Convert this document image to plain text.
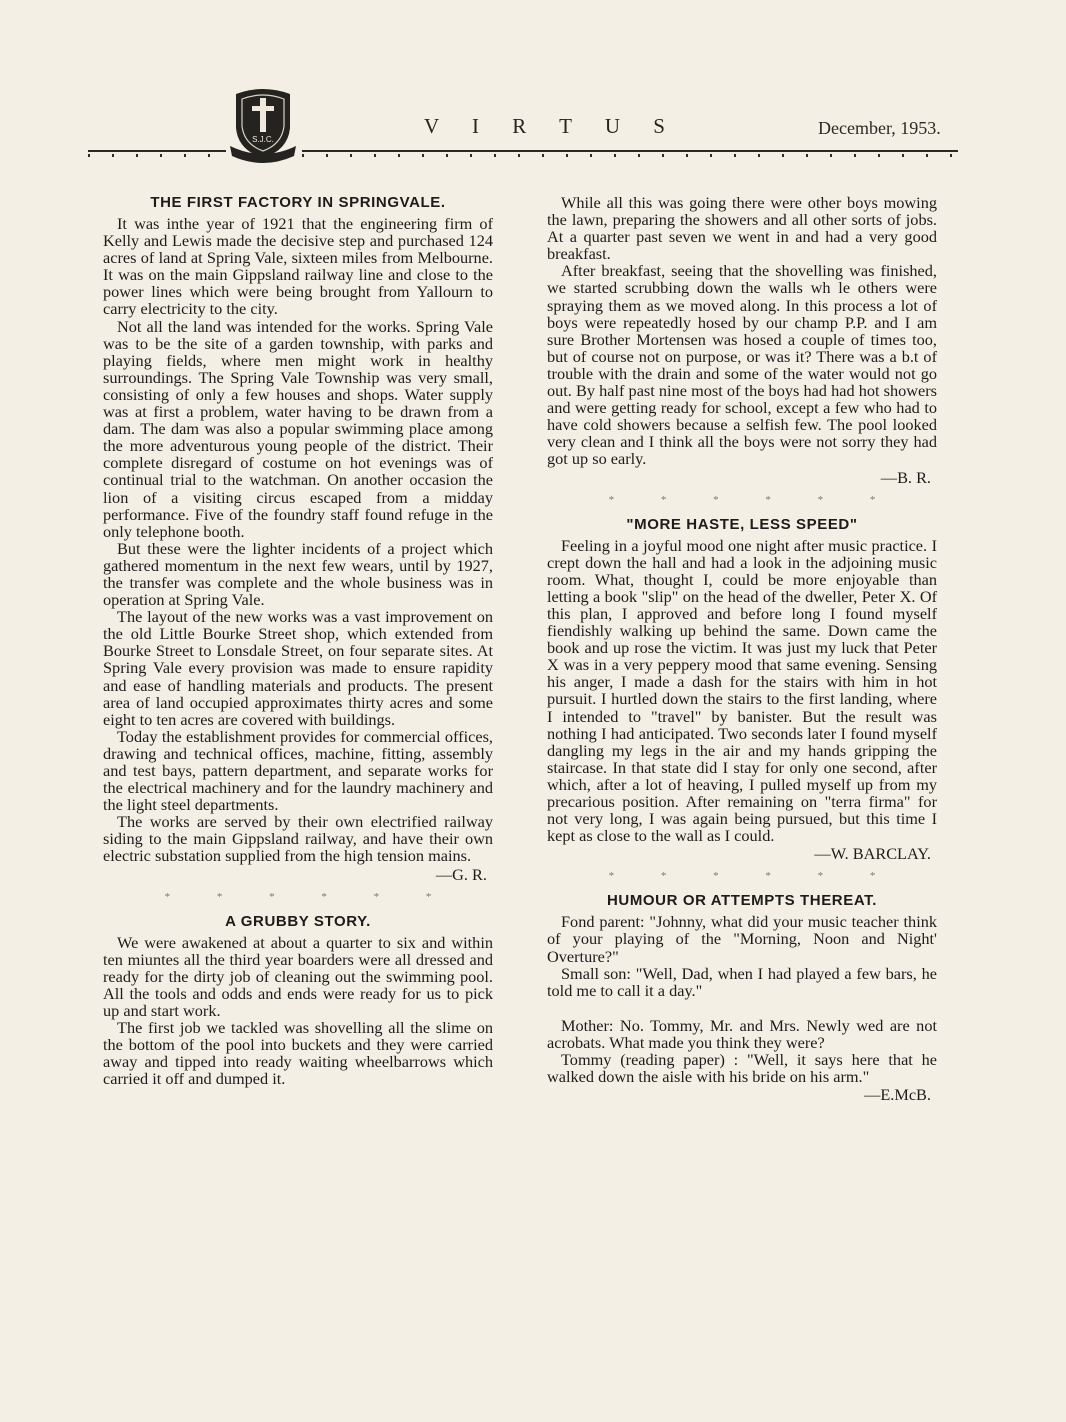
S.J.C.
V I R T U S	December, 1953.
THE FIRST FACTORY IN SPRINGVALE.

It was inthe year of 1921 that the engineering firm of Kelly and Lewis made the decisive step and purchased 124 acres of land at Spring Vale, sixteen miles from Melbourne. It was on the main Gippsland railway line and close to the power lines which were being brought from Yallourn to carry electricity to the city.

Not all the land was intended for the works. Spring Vale was to be the site of a garden township, with parks and playing fields, where men might work in healthy surroundings. The Spring Vale Township was very small, consisting of only a few houses and shops. Water supply was at first a problem, water having to be drawn from a dam. The dam was also a popular swimming place among the more adventurous young people of the district. Their complete disregard of costume on hot evenings was of continual trial to the watchman. On another occasion the lion of a visiting circus escaped from a midday performance. Five of the foundry staff found refuge in the only telephone booth.

But these were the lighter incidents of a project which gathered momentum in the next few wears, until by 1927, the transfer was complete and the whole business was in operation at Spring Vale.

The layout of the new works was a vast improvement on the old Little Bourke Street shop, which extended from Bourke Street to Lonsdale Street, on four separate sites. At Spring Vale every provision was made to ensure rapidity and ease of handling materials and products. The present area of land occupied approximates thirty acres and some eight to ten acres are covered with buildings.

Today the establishment provides for commercial offices, drawing and technical offices, machine, fitting, assembly and test bays, pattern department, and separate works for the electrical machinery and for the laundry machinery and the light steel departments.

The works are served by their own electrified railway siding to the main Gippsland railway, and have their own electric substation supplied from the high tension mains.

—G. R.
* * * * * *
A GRUBBY STORY.

We were awakened at about a quarter to six and within ten miuntes all the third year boarders were all dressed and ready for the dirty job of cleaning out the swimming pool. All the tools and odds and ends were ready for us to pick up and start work.

The first job we tackled was shovelling all the slime on the bottom of the pool into buckets and they were carried away and tipped into ready waiting wheelbarrows which carried it off and dumped it.

While all this was going there were other boys mowing the lawn, preparing the showers and all other sorts of jobs. At a quarter past seven we went in and had a very good breakfast.

After breakfast, seeing that the shovelling was finished, we started scrubbing down the walls wh le others were spraying them as we moved along. In this process a lot of boys were repeatedly hosed by our champ P.P. and I am sure Brother Mortensen was hosed a couple of times too, but of course not on purpose, or was it? There was a b.t of trouble with the drain and some of the water would not go out. By half past nine most of the boys had had hot showers and were getting ready for school, except a few who had to have cold showers because a selfish few. The pool looked very clean and I think all the boys were not sorry they had got up so early.

—B. R.
* * * * * *
"MORE HASTE, LESS SPEED"

Feeling in a joyful mood one night after music practice. I crept down the hall and had a look in the adjoining music room. What, thought I, could be more enjoyable than letting a book "slip" on the head of the dweller, Peter X. Of this plan, I approved and before long I found myself fiendishly walking up behind the same. Down came the book and up rose the victim. It was just my luck that Peter X was in a very peppery mood that same evening. Sensing his anger, I made a dash for the stairs with him in hot pursuit. I hurtled down the stairs to the first landing, where I intended to "travel" by banister. But the result was nothing I had anticipated. Two seconds later I found myself dangling my legs in the air and my hands gripping the staircase. In that state did I stay for only one second, after which, after a lot of heaving, I pulled myself up from my precarious position. After remaining on "terra firma" for not very long, I was again being pursued, but this time I kept as close to the wall as I could.

—W. BARCLAY.
* * * * * *
HUMOUR OR ATTEMPTS THEREAT.

Fond parent: "Johnny, what did your music teacher think of your playing of the "Morning, Noon and Night' Overture?"

Small son: "Well, Dad, when I had played a few bars, he told me to call it a day."

Mother: No. Tommy, Mr. and Mrs. Newly wed are not acrobats. What made you think they were?

Tommy (reading paper) : "Well, it says here that he walked down the aisle with his bride on his arm."

—E.McB.
